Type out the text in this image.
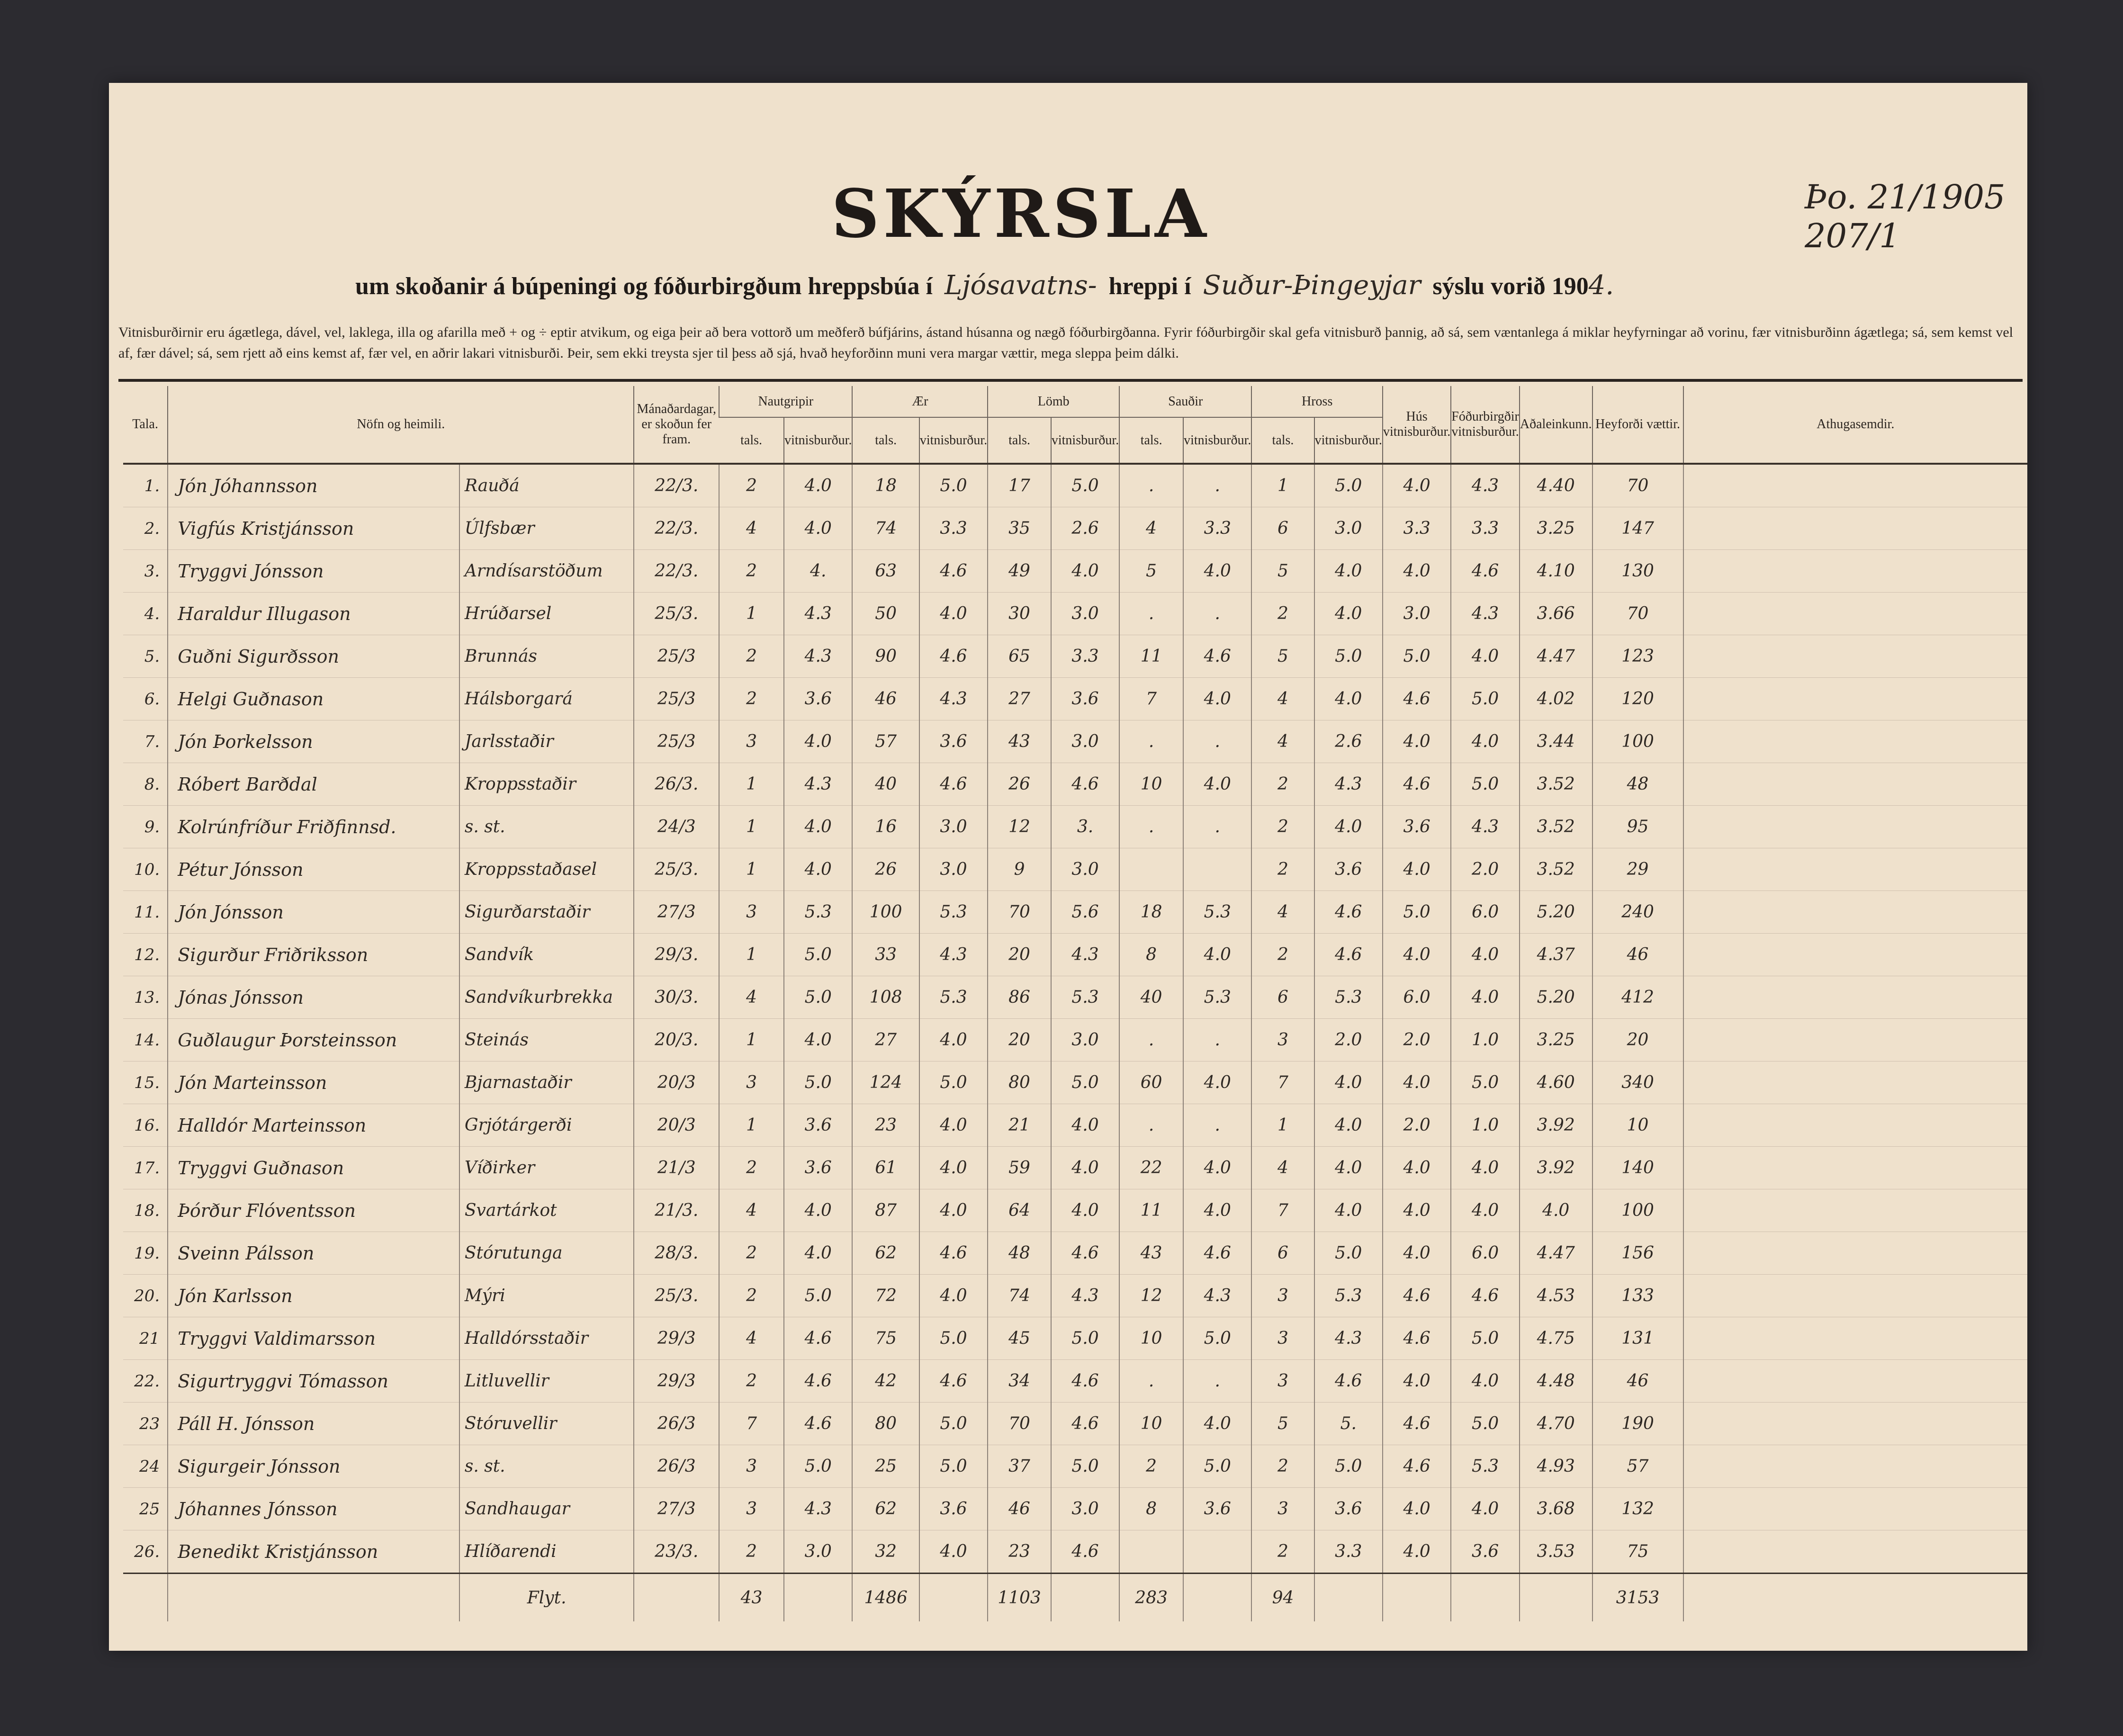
SKÝRSLA	Þo. 21/1905 207/1
um skoðanir á búpeningi og fóðurbirgðum hreppsbúa í Ljósavatns- hreppi í Suður-Þingeyjar sýslu vorið 1904.
Vitnisburðirnir eru ágætlega, dável, vel, laklega, illa og afarilla með + og ÷ eptir atvikum, og eiga þeir að bera vottorð um meðferð búfjárins, ástand húsanna og nægð fóðurbirgðanna. Fyrir fóðurbirgðir skal gefa vitnisburð þannig, að sá, sem væntanlega á miklar heyfyrningar að vorinu, fær vitnisburðinn ágætlega; sá, sem kemst vel af, fær dável; sá, sem rjett að eins kemst af, fær vel, en aðrir lakari vitnisburði. Þeir, sem ekki treysta sjer til þess að sjá, hvað heyforðinn muni vera margar vættir, mega sleppa þeim dálki.
Tala.	Nöfn og heimili.		Mánaðardagar, er skoðun fer fram.	Nautgripir		Ær		Lömb		Sauðir		Hross		Hús vitnisburður.	Fóðurbirgðir vitnisburður.	Aðaleinkunn.	Heyforði vættir.	Athugasemdir.
				tals.	vitnisburður.	tals.	vitnisburður.	tals.	vitnisburður.	tals.	vitnisburður.	tals.	vitnisburður.					
1.	Jón Jóhannsson	Rauðá	22/3.	2	4.0	18	5.0	17	5.0	.	.	1	5.0	4.0	4.3	4.40	70	
2.	Vigfús Kristjánsson	Úlfsbær	22/3.	4	4.0	74	3.3	35	2.6	4	3.3	6	3.0	3.3	3.3	3.25	147	
3.	Tryggvi Jónsson	Arndísarstöðum	22/3.	2	4.	63	4.6	49	4.0	5	4.0	5	4.0	4.0	4.6	4.10	130	
4.	Haraldur Illugason	Hrúðarsel	25/3.	1	4.3	50	4.0	30	3.0	.	.	2	4.0	3.0	4.3	3.66	70	
5.	Guðni Sigurðsson	Brunnás	25/3	2	4.3	90	4.6	65	3.3	11	4.6	5	5.0	5.0	4.0	4.47	123	
6.	Helgi Guðnason	Hálsborgará	25/3	2	3.6	46	4.3	27	3.6	7	4.0	4	4.0	4.6	5.0	4.02	120	
7.	Jón Þorkelsson	Jarlsstaðir	25/3	3	4.0	57	3.6	43	3.0	.	.	4	2.6	4.0	4.0	3.44	100	
8.	Róbert Barðdal	Kroppsstaðir	26/3.	1	4.3	40	4.6	26	4.6	10	4.0	2	4.3	4.6	5.0	3.52	48	
9.	Kolrúnfríður Friðfinnsd.	s. st.	24/3	1	4.0	16	3.0	12	3.	.	.	2	4.0	3.6	4.3	3.52	95	
10.	Pétur Jónsson	Kroppsstaðasel	25/3.	1	4.0	26	3.0	9	3.0			2	3.6	4.0	2.0	3.52	29	
11.	Jón Jónsson	Sigurðarstaðir	27/3	3	5.3	100	5.3	70	5.6	18	5.3	4	4.6	5.0	6.0	5.20	240	
12.	Sigurður Friðriksson	Sandvík	29/3.	1	5.0	33	4.3	20	4.3	8	4.0	2	4.6	4.0	4.0	4.37	46	
13.	Jónas Jónsson	Sandvíkurbrekka	30/3.	4	5.0	108	5.3	86	5.3	40	5.3	6	5.3	6.0	4.0	5.20	412	
14.	Guðlaugur Þorsteinsson	Steinás	20/3.	1	4.0	27	4.0	20	3.0	.	.	3	2.0	2.0	1.0	3.25	20	
15.	Jón Marteinsson	Bjarnastaðir	20/3	3	5.0	124	5.0	80	5.0	60	4.0	7	4.0	4.0	5.0	4.60	340	
16.	Halldór Marteinsson	Grjótárgerði	20/3	1	3.6	23	4.0	21	4.0	.	.	1	4.0	2.0	1.0	3.92	10	
17.	Tryggvi Guðnason	Víðirker	21/3	2	3.6	61	4.0	59	4.0	22	4.0	4	4.0	4.0	4.0	3.92	140	
18.	Þórður Flóventsson	Svartárkot	21/3.	4	4.0	87	4.0	64	4.0	11	4.0	7	4.0	4.0	4.0	4.0	100	
19.	Sveinn Pálsson	Stórutunga	28/3.	2	4.0	62	4.6	48	4.6	43	4.6	6	5.0	4.0	6.0	4.47	156	
20.	Jón Karlsson	Mýri	25/3.	2	5.0	72	4.0	74	4.3	12	4.3	3	5.3	4.6	4.6	4.53	133	
21	Tryggvi Valdimarsson	Halldórsstaðir	29/3	4	4.6	75	5.0	45	5.0	10	5.0	3	4.3	4.6	5.0	4.75	131	
22.	Sigurtryggvi Tómasson	Litluvellir	29/3	2	4.6	42	4.6	34	4.6	.	.	3	4.6	4.0	4.0	4.48	46	
23	Páll H. Jónsson	Stóruvellir	26/3	7	4.6	80	5.0	70	4.6	10	4.0	5	5.	4.6	5.0	4.70	190	
24	Sigurgeir Jónsson	s. st.	26/3	3	5.0	25	5.0	37	5.0	2	5.0	2	5.0	4.6	5.3	4.93	57	
25	Jóhannes Jónsson	Sandhaugar	27/3	3	4.3	62	3.6	46	3.0	8	3.6	3	3.6	4.0	4.0	3.68	132	
26.	Benedikt Kristjánsson	Hlíðarendi	23/3.	2	3.0	32	4.0	23	4.6			2	3.3	4.0	3.6	3.53	75	
		Flyt.		43		1486		1103		283		94					3153	
